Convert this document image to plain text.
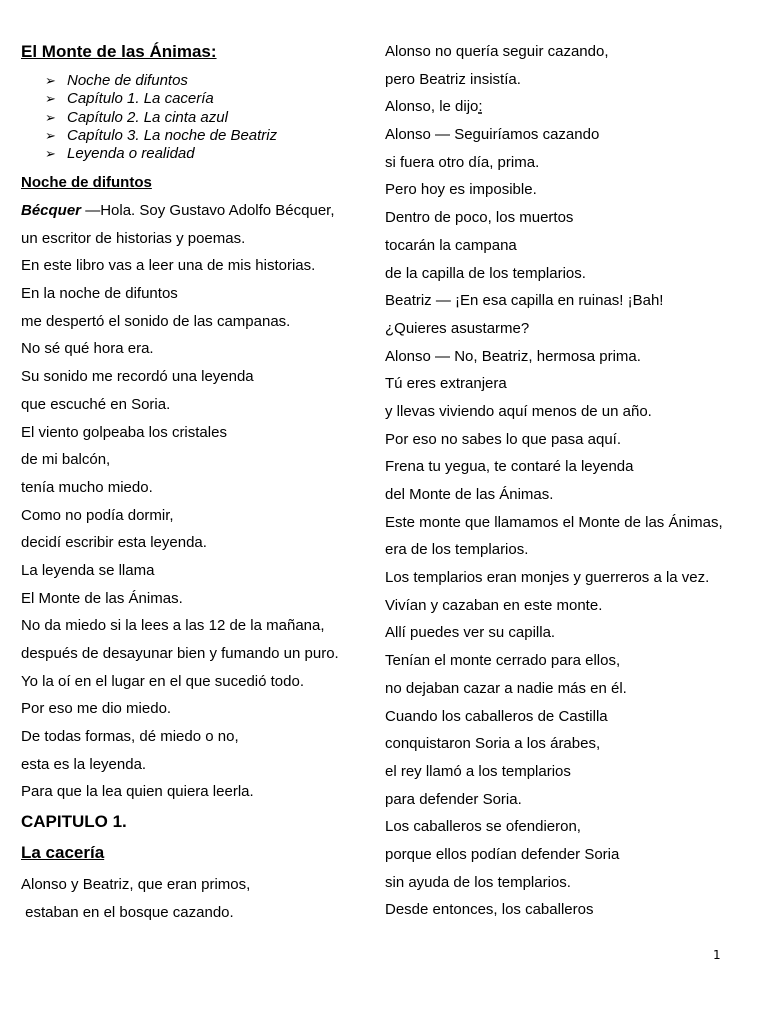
El Monte de las Ánimas:
➢ Noche de difuntos
➢ Capítulo 1. La cacería
➢ Capítulo 2. La cinta azul
➢ Capítulo 3. La noche de Beatriz
➢ Leyenda o realidad
Noche de difuntos
Bécquer —Hola. Soy Gustavo Adolfo Bécquer,
un escritor de historias y poemas.
En este libro vas a leer una de mis historias.
En la noche de difuntos
me despertó el sonido de las campanas.
No sé qué hora era.
Su sonido me recordó una leyenda
que escuché en Soria.
El viento golpeaba los cristales
de mi balcón,
tenía mucho miedo.
Como no podía dormir,
decidí escribir esta leyenda.
La leyenda se llama
El Monte de las Ánimas.
No da miedo si la lees a las 12 de la mañana,
después de desayunar bien y fumando un puro.
Yo la oí en el lugar en el que sucedió todo.
Por eso me dio miedo.
De todas formas, dé miedo o no,
esta es la leyenda.
Para que la lea quien quiera leerla.
CAPITULO 1.
La cacería
Alonso y Beatriz, que eran primos,
estaban en el bosque cazando.
Alonso no quería seguir cazando,
pero Beatriz insistía.
Alonso, le dijo:
Alonso — Seguiríamos cazando
si fuera otro día, prima.
Pero hoy es imposible.
Dentro de poco, los muertos
tocarán la campana
de la capilla de los templarios.
Beatriz — ¡En esa capilla en ruinas! ¡Bah!
¿Quieres asustarme?
Alonso — No, Beatriz, hermosa prima.
Tú eres extranjera
y llevas viviendo aquí menos de un año.
Por eso no sabes lo que pasa aquí.
Frena tu yegua, te contaré la leyenda
del Monte de las Ánimas.
Este monte que llamamos el Monte de las Ánimas,
era de los templarios.
Los templarios eran monjes y guerreros a la vez.
Vivían y cazaban en este monte.
Allí puedes ver su capilla.
Tenían el monte cerrado para ellos,
no dejaban cazar a nadie más en él.
Cuando los caballeros de Castilla
conquistaron Soria a los árabes,
el rey llamó a los templarios
para defender Soria.
Los caballeros se ofendieron,
porque ellos podían defender Soria
sin ayuda de los templarios.
Desde entonces, los caballeros
1
